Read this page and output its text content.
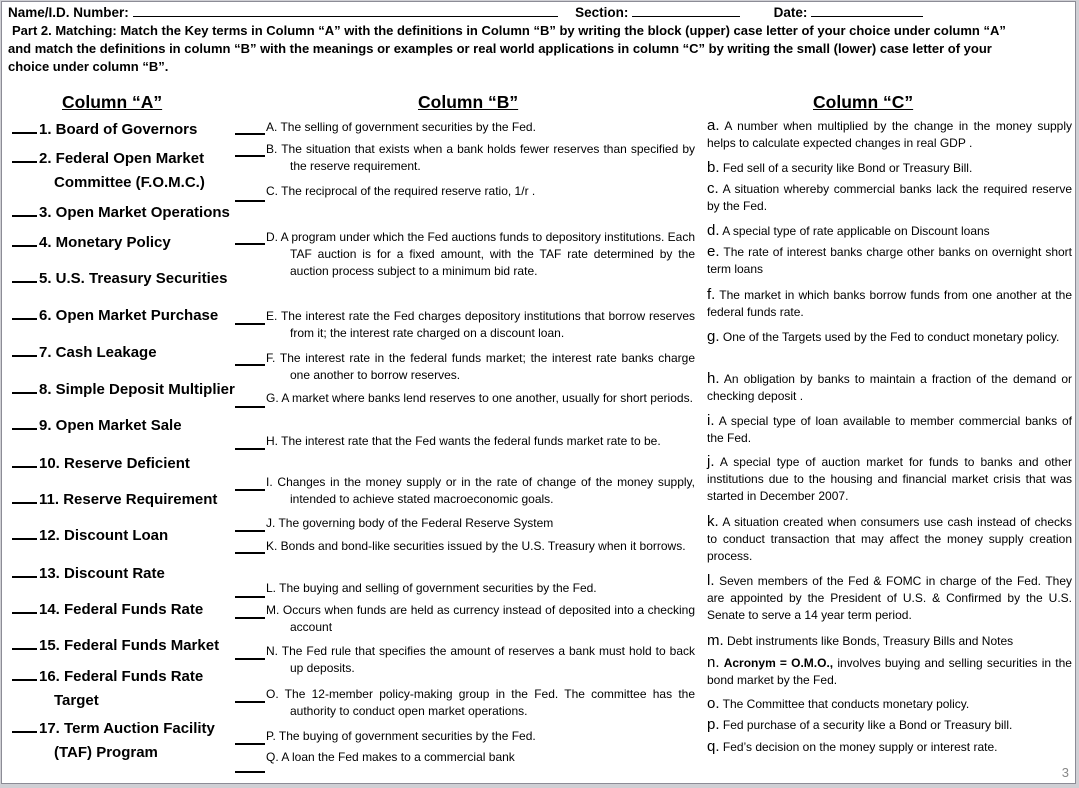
Name/I.D. Number:	Section:	Date:
Part 2. Matching: Match the Key terms in Column “A” with the definitions in Column “B” by writing the block (upper) case letter of your choice under column “A”
and match the definitions in column “B” with the meanings or examples or real world applications in column “C” by writing the small (lower) case letter of your
choice under column “B”.
Column “A”	Column “B”	Column “C”
1. Board of Governors
2. Federal Open Market
Committee (F.O.M.C.)
3. Open Market Operations
4. Monetary Policy
5. U.S. Treasury Securities
6. Open Market Purchase
7. Cash Leakage
8. Simple Deposit Multiplier
9. Open Market Sale
10. Reserve Deficient
11. Reserve Requirement
12. Discount Loan
13. Discount Rate
14. Federal Funds Rate
15. Federal Funds Market
16. Federal Funds Rate
Target
17. Term Auction Facility
(TAF) Program
A. The selling of government securities by the Fed.
B. The situation that exists when a bank holds fewer reserves than specified by the reserve requirement.
C. The reciprocal of the required reserve ratio, 1/r .
D. A program under which the Fed auctions funds to depository institutions. Each TAF auction is for a fixed amount, with the TAF rate determined by the auction process subject to a minimum bid rate.
E. The interest rate the Fed charges depository institutions that borrow reserves from it; the interest rate charged on a discount loan.
F. The interest rate in the federal funds market; the interest rate banks charge one another to borrow reserves.
G. A market where banks lend reserves to one another, usually for short periods.
H. The interest rate that the Fed wants the federal funds market rate to be.
I. Changes in the money supply or in the rate of change of the money supply, intended to achieve stated macroeconomic goals.
J. The governing body of the Federal Reserve System
K. Bonds and bond-like securities issued by the U.S. Treasury when it borrows.
L. The buying and selling of government securities by the Fed.
M. Occurs when funds are held as currency instead of deposited into a checking account
N. The Fed rule that specifies the amount of reserves a bank must hold to back up deposits.
O. The 12-member policy-making group in the Fed. The committee has the authority to conduct open market operations.
P. The buying of government securities by the Fed.
Q. A loan the Fed makes to a commercial bank
a. A number when multiplied by the change in the money supply helps to calculate expected changes in real GDP .
b. Fed sell of a security like Bond or Treasury Bill.
c. A situation whereby commercial banks lack the required reserve by the Fed.
d. A special type of rate applicable on Discount loans
e. The rate of interest banks charge other banks on overnight short term loans
f. The market in which banks borrow funds from one another at the federal funds rate.
g. One of the Targets used by the Fed to conduct monetary policy.
h. An obligation by banks to maintain a fraction of the demand or checking deposit .
i. A special type of loan available to member commercial banks of the Fed.
j. A special type of auction market for funds to banks and other institutions due to the housing and financial market crisis that was started in December 2007.
k. A situation created when consumers use cash instead of checks to conduct transaction that may affect the money supply creation process.
l. Seven members of the Fed & FOMC in charge of the Fed. They are appointed by the President of U.S. & Confirmed by the U.S. Senate to serve a 14 year term period.
m. Debt instruments like Bonds, Treasury Bills and Notes
n. Acronym = O.M.O., involves buying and selling securities in the bond market by the Fed.
o. The Committee that conducts monetary policy.
p. Fed purchase of a security like a Bond or Treasury bill.
q. Fed’s decision on the money supply or interest rate.
3
